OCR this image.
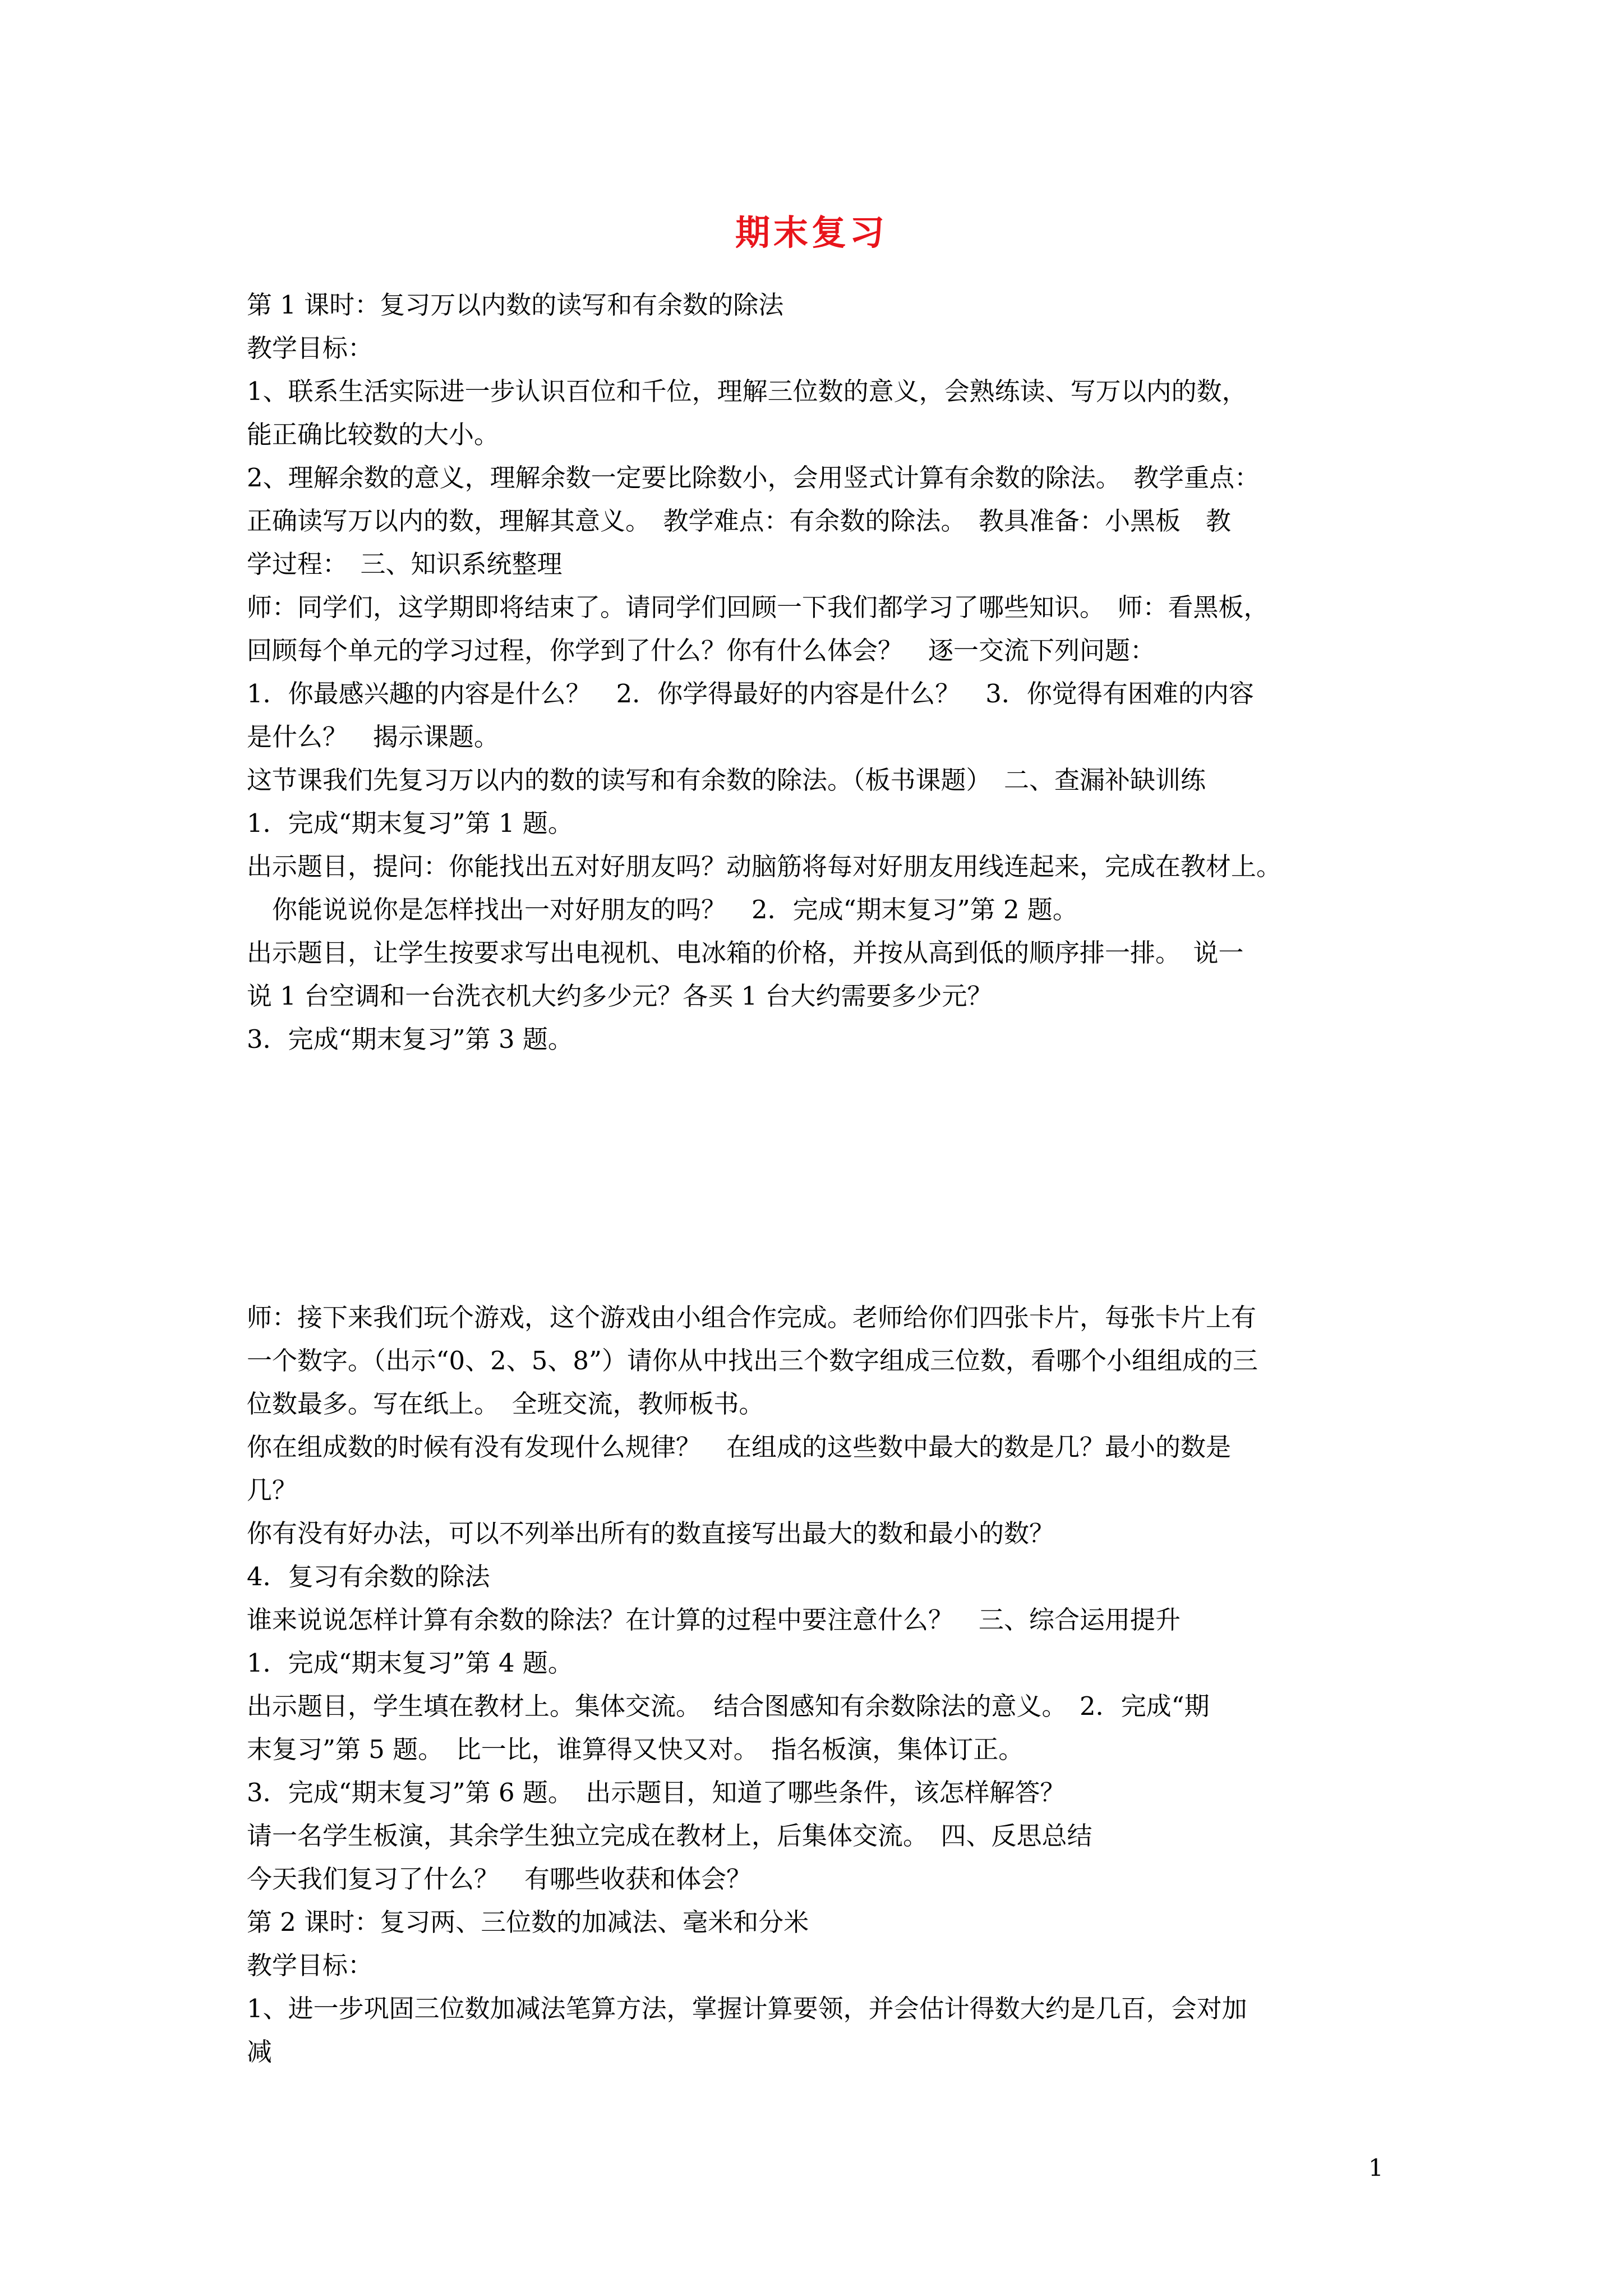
期末复习

第 1 课时：复习万以内数的读写和有余数的除法

教学目标：

1、联系生活实际进一步认识百位和千位，理解三位数的意义，会熟练读、写万以内的数，

能正确比较数的大小。

2、理解余数的意义，理解余数一定要比除数小，会用竖式计算有余数的除法。　教学重点：

正确读写万以内的数，理解其意义。　教学难点：有余数的除法。　教具准备：小黑板　教

学过程：　三、知识系统整理

师：同学们，这学期即将结束了。请同学们回顾一下我们都学习了哪些知识。　师：看黑板，

回顾每个单元的学习过程，你学到了什么？你有什么体会？　逐一交流下列问题：

1．你最感兴趣的内容是什么？　2．你学得最好的内容是什么？　3．你觉得有困难的内容

是什么？　揭示课题。

这节课我们先复习万以内的数的读写和有余数的除法。（板书课题）　二、查漏补缺训练

1．完成“期末复习”第 1 题。

出示题目，提问：你能找出五对好朋友吗？动脑筋将每对好朋友用线连起来，完成在教材上。

　你能说说你是怎样找出一对好朋友的吗？　2．完成“期末复习”第 2 题。

出示题目，让学生按要求写出电视机、电冰箱的价格，并按从高到低的顺序排一排。　说一

说 1 台空调和一台洗衣机大约多少元？各买 1 台大约需要多少元？

3．完成“期末复习”第 3 题。

师：接下来我们玩个游戏，这个游戏由小组合作完成。老师给你们四张卡片，每张卡片上有

一个数字。（出示“0、2、5、8”）请你从中找出三个数字组成三位数，看哪个小组组成的三

位数最多。写在纸上。　全班交流，教师板书。

你在组成数的时候有没有发现什么规律？　在组成的这些数中最大的数是几？最小的数是

几？

你有没有好办法，可以不列举出所有的数直接写出最大的数和最小的数？

4．复习有余数的除法

谁来说说怎样计算有余数的除法？在计算的过程中要注意什么？　三、综合运用提升

1．完成“期末复习”第 4 题。

出示题目，学生填在教材上。集体交流。　结合图感知有余数除法的意义。　2．完成“期

末复习”第 5 题。　比一比，谁算得又快又对。　指名板演，集体订正。

3．完成“期末复习”第 6 题。　出示题目，知道了哪些条件，该怎样解答？

请一名学生板演，其余学生独立完成在教材上，后集体交流。　四、反思总结

今天我们复习了什么？　有哪些收获和体会？

第 2 课时：复习两、三位数的加减法、毫米和分米

教学目标：

1、进一步巩固三位数加减法笔算方法，掌握计算要领，并会估计得数大约是几百，会对加

减

1
